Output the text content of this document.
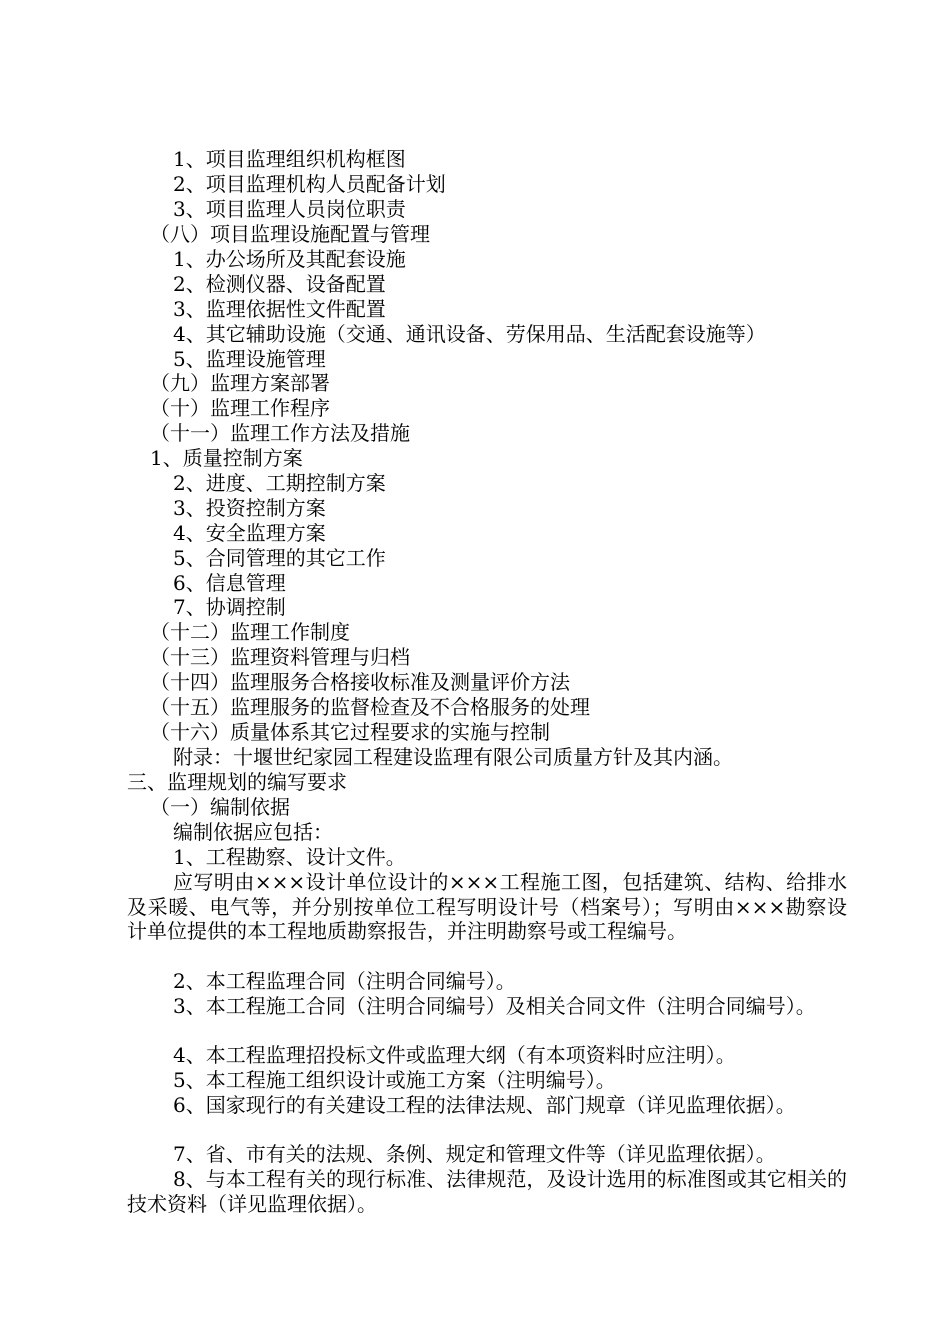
1、项目监理组织机构框图
2、项目监理机构人员配备计划
3、项目监理人员岗位职责
（八）项目监理设施配置与管理
1、办公场所及其配套设施
2、检测仪器、设备配置
3、监理依据性文件配置
4、其它辅助设施（交通、通讯设备、劳保用品、生活配套设施等）
5、监理设施管理
（九）监理方案部署
（十）监理工作程序
（十一）监理工作方法及措施
1、质量控制方案
2、进度、工期控制方案
3、投资控制方案
4、安全监理方案
5、合同管理的其它工作
6、信息管理
7、协调控制
（十二）监理工作制度
（十三）监理资料管理与归档
（十四）监理服务合格接收标准及测量评价方法
（十五）监理服务的监督检查及不合格服务的处理
（十六）质量体系其它过程要求的实施与控制
附录：十堰世纪家园工程建设监理有限公司质量方针及其内涵。
三、监理规划的编写要求
（一）编制依据
编制依据应包括：
1、工程勘察、设计文件。
应写明由×××设计单位设计的×××工程施工图，包括建筑、结构、给排水及采暖、电气等，并分别按单位工程写明设计号（档案号）；写明由×××勘察设计单位提供的本工程地质勘察报告，并注明勘察号或工程编号。
2、本工程监理合同（注明合同编号）。
3、本工程施工合同（注明合同编号）及相关合同文件（注明合同编号）。
4、本工程监理招投标文件或监理大纲（有本项资料时应注明）。
5、本工程施工组织设计或施工方案（注明编号）。
6、国家现行的有关建设工程的法律法规、部门规章（详见监理依据）。
7、省、市有关的法规、条例、规定和管理文件等（详见监理依据）。
8、与本工程有关的现行标准、法律规范，及设计选用的标准图或其它相关的技术资料（详见监理依据）。
